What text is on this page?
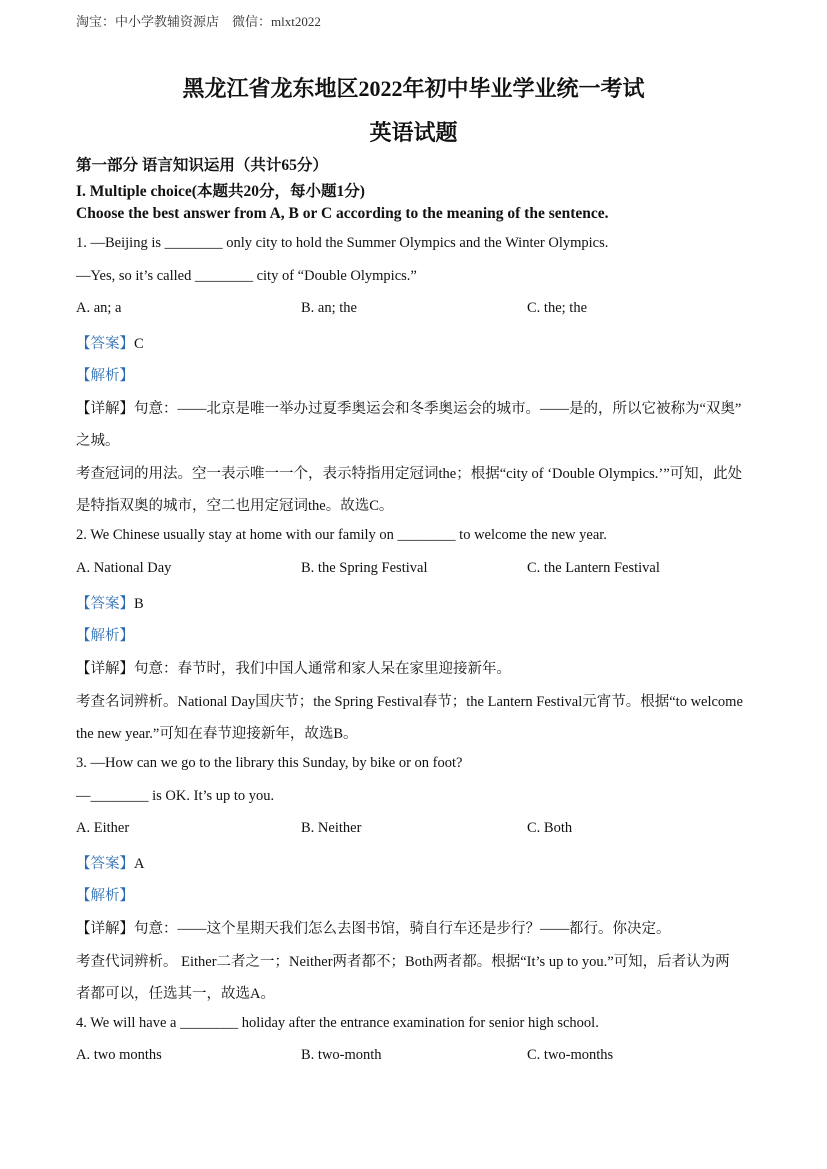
淘宝：中小学教辅资源店　微信：mlxt2022
黑龙江省龙东地区2022年初中毕业学业统一考试
英语试题
第一部分 语言知识运用（共计65分）
I. Multiple choice(本题共20分，每小题1分)
Choose the best answer from A, B or C according to the meaning of the sentence.
1. —Beijing is ________ only city to hold the Summer Olympics and the Winter Olympics.
—Yes, so it’s called ________ city of “Double Olympics.”
A. an; a	B. an; the	C. the; the
【答案】C
【解析】
【详解】句意：——北京是唯一举办过夏季奥运会和冬季奥运会的城市。——是的，所以它被称为“双奥”
之城。
考查冠词的用法。空一表示唯一一个，表示特指用定冠词the；根据“city of ‘Double Olympics.’”可知，此处
是特指双奥的城市，空二也用定冠词the。故选C。
2. We Chinese usually stay at home with our family on ________ to welcome the new year.
A. National Day	B. the Spring Festival	C. the Lantern Festival
【答案】B
【解析】
【详解】句意：春节时，我们中国人通常和家人呆在家里迎接新年。
考查名词辨析。National Day国庆节；the Spring Festival春节；the Lantern Festival元宵节。根据“to welcome
the new year.”可知在春节迎接新年，故选B。
3. —How can we go to the library this Sunday, by bike or on foot?
—________ is OK. It’s up to you.
A. Either	B. Neither	C. Both
【答案】A
【解析】
【详解】句意：——这个星期天我们怎么去图书馆，骑自行车还是步行？——都行。你决定。
考查代词辨析。 Either二者之一；Neither两者都不；Both两者都。根据“It’s up to you.”可知，后者认为两
者都可以，任选其一，故选A。
4. We will have a ________ holiday after the entrance examination for senior high school.
A. two months	B. two-month	C. two-months
